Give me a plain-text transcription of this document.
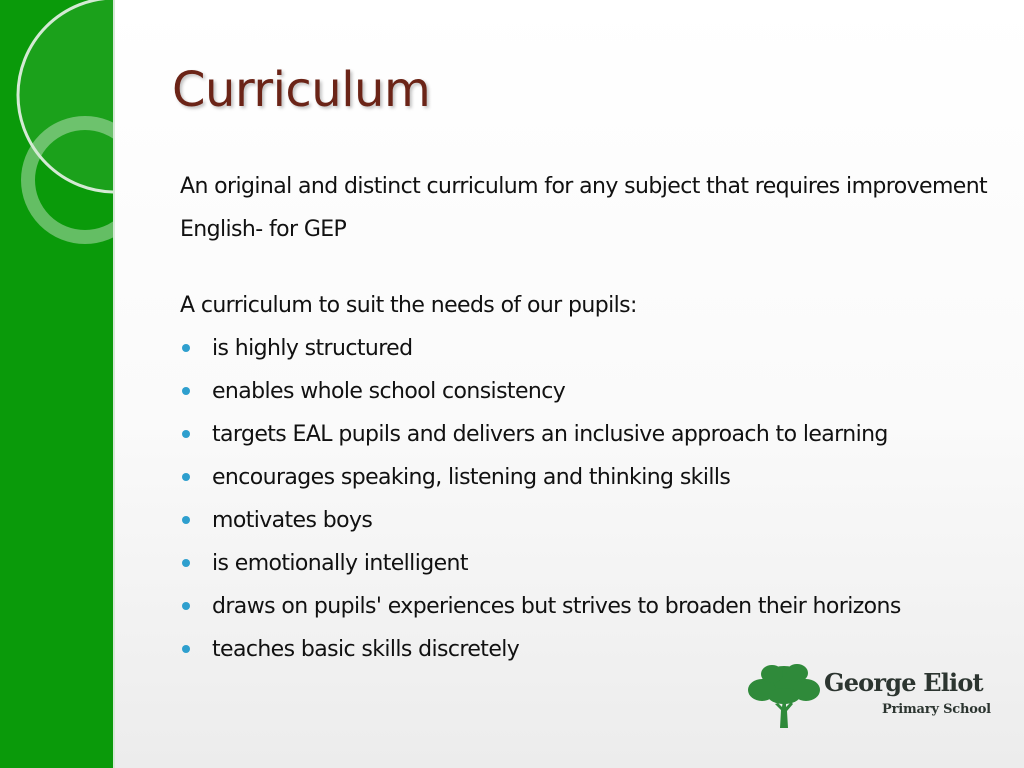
Curriculum

An original and distinct curriculum for any subject that requires improvement

English- for GEP

A curriculum to suit the needs of our pupils:

is highly structured
enables whole school consistency
targets EAL pupils and delivers an inclusive approach to learning
encourages speaking, listening and thinking skills
motivates boys
is emotionally intelligent
draws on pupils' experiences but strives to broaden their horizons
teaches basic skills discretely
George Eliot
Primary School
